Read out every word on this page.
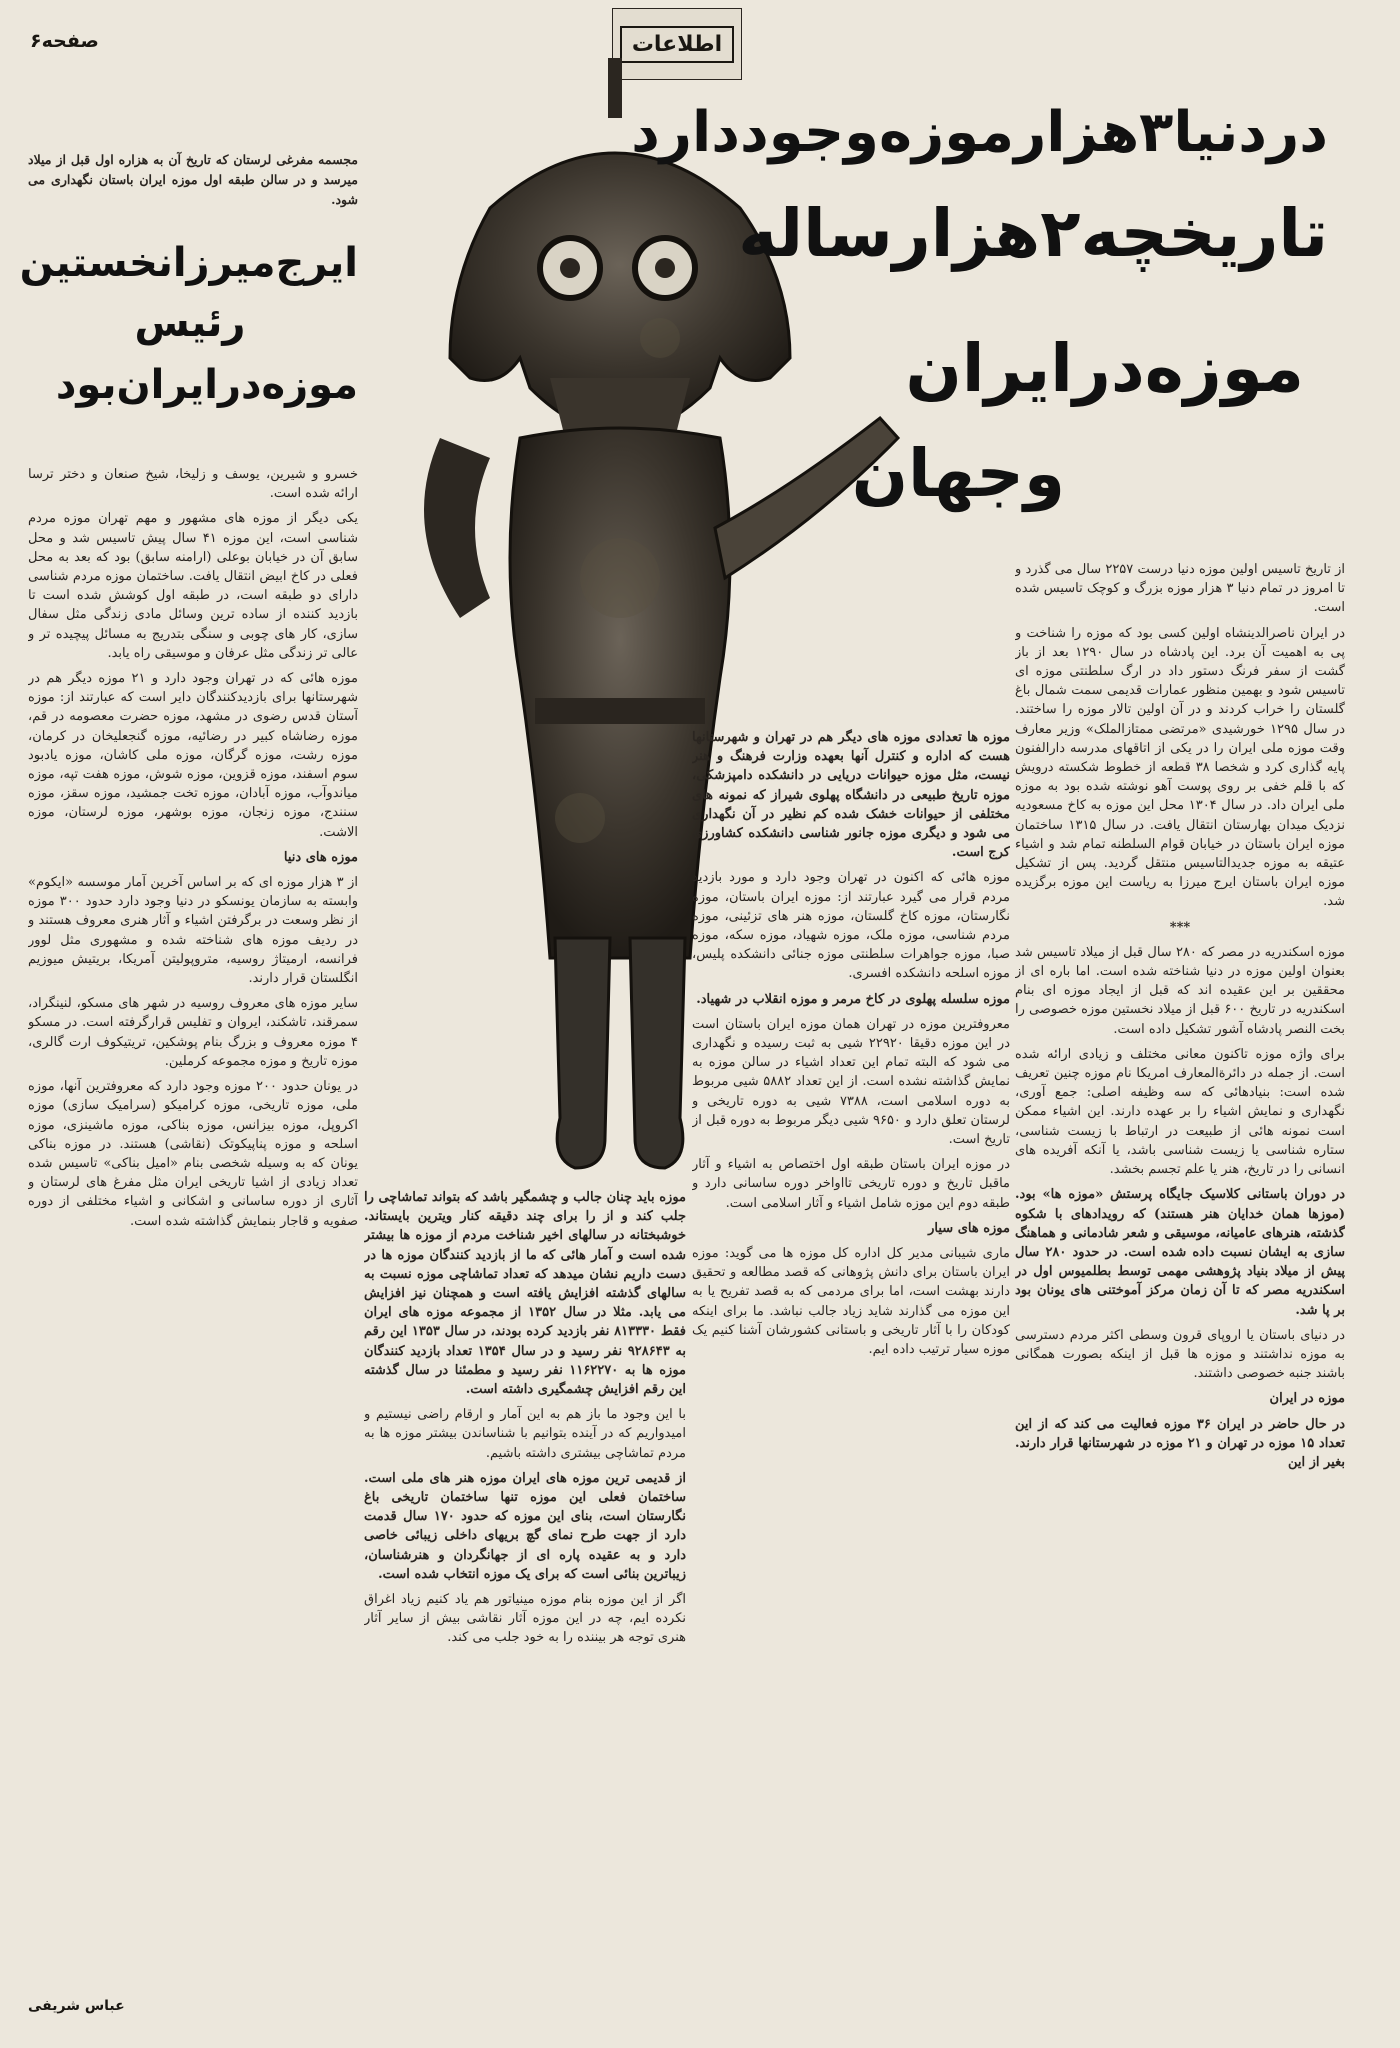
صفحه۶	اطلاعات
دردنیا۳هزارموزه‌وجوددارد
تاریخچه۲هزارساله
موزه‌درایران
وجهان
مجسمه مفرغی لرستان که تاریخ آن به هزاره اول قبل از میلاد میرسد و در سالن طبقه اول موزه ایران باستان نگهداری می شود.
ایرج‌میرزانخستین
رئیس
موزه‌درایران‌بود

از تاریخ تاسیس اولین موزه دنیا درست ۲۲۵۷ سال می گذرد و تا امروز در تمام دنیا ۳ هزار موزه بزرگ و کوچک تاسیس شده است.

در ایران ناصرالدینشاه اولین کسی بود که موزه را شناخت و پی به اهمیت آن برد. این پادشاه در سال ۱۲۹۰ بعد از باز گشت از سفر فرنگ دستور داد در ارگ سلطنتی موزه ای تاسیس شود و بهمین منظور عمارات قدیمی سمت شمال باغ گلستان را خراب کردند و در آن اولین تالار موزه را ساختند. در سال ۱۲۹۵ خورشیدی «مرتضی ممتازالملک» وزیر معارف وقت موزه ملی ایران را در یکی از اتاقهای مدرسه دارالفنون پایه گذاری کرد و شخصا ۳۸ قطعه از خطوط شکسته درویش که با قلم خفی بر روی پوست آهو نوشته شده بود به موزه ملی ایران داد. در سال ۱۳۰۴ محل این موزه به کاخ مسعودیه نزدیک میدان بهارستان انتقال یافت. در سال ۱۳۱۵ ساختمان موزه ایران باستان در خیابان قوام السلطنه تمام شد و اشیاء عتیقه به موزه جدیدالتاسیس منتقل گردید. پس از تشکیل موزه ایران باستان ایرج میرزا به ریاست این موزه برگزیده شد.

***

موزه اسکندریه در مصر که ۲۸۰ سال قبل از میلاد تاسیس شد بعنوان اولین موزه در دنیا شناخته شده است. اما باره ای از محققین بر این عقیده اند که قبل از ایجاد موزه ای بنام اسکندریه در تاریخ ۶۰۰ قبل از میلاد نخستین موزه خصوصی را بخت النصر پادشاه آشور تشکیل داده است.

برای واژه موزه تاکنون معانی مختلف و زیادی ارائه شده است. از جمله در دائرةالمعارف امریکا نام موزه چنین تعریف شده است: بنیادهائی که سه وظیفه اصلی: جمع آوری، نگهداری و نمایش اشیاء را بر عهده دارند. این اشیاء ممکن است نمونه هائی از طبیعت در ارتباط با زیست شناسی، ستاره شناسی یا زیست شناسی باشد، یا آنکه آفریده های انسانی را در تاریخ، هنر یا علم تجسم بخشد.

در دوران باستانی کلاسیک جایگاه پرستش «موزه ها» بود. (موزها همان خدایان هنر هستند) که رویدادهای با شکوه گذشته، هنرهای عامیانه، موسیقی و شعر شادمانی و هماهنگ سازی به ایشان نسبت داده شده است. در حدود ۲۸۰ سال پیش از میلاد بنیاد پژوهشی مهمی توسط بطلمیوس اول در اسکندریه مصر که تا آن زمان مرکز آموختنی های یونان بود بر پا شد.

در دنیای باستان یا اروپای قرون وسطی اکثر مردم دسترسی به موزه نداشتند و موزه ها قبل از اینکه بصورت همگانی باشند جنبه خصوصی داشتند.

موزه در ایران

در حال حاضر در ایران ۳۶ موزه فعالیت می کند که از این تعداد ۱۵ موزه در تهران و ۲۱ موزه در شهرستانها قرار دارند. بغیر از این

موزه ها تعدادی موزه های دیگر هم در تهران و شهرستانها هست که اداره و کنترل آنها بعهده وزارت فرهنگ و هنر نیست، مثل موزه حیوانات دریایی در دانشکده دامپزشکی، موزه تاریخ طبیعی در دانشگاه پهلوی شیراز که نمونه های مختلفی از حیوانات خشک شده کم نظیر در آن نگهداری می شود و دیگری موزه جانور شناسی دانشکده کشاورزی کرج است.

موزه هائی که اکنون در تهران وجود دارد و مورد بازدید مردم قرار می گیرد عبارتند از: موزه ایران باستان، موزه نگارستان، موزه کاخ گلستان، موزه هنر های تزئینی، موزه مردم شناسی، موزه ملک، موزه شهیاد، موزه سکه، موزه صبا، موزه جواهرات سلطنتی موزه جنائی دانشکده پلیس، موزه اسلحه دانشکده افسری.

موزه سلسله پهلوی در کاخ مرمر و موزه انقلاب در شهیاد.

معروفترین موزه در تهران همان موزه ایران باستان است در این موزه دقیقا ۲۲۹۲۰ شیی به ثبت رسیده و نگهداری می شود که البته تمام این تعداد اشیاء در سالن موزه به نمایش گذاشته نشده است. از این تعداد ۵۸۸۲ شیی مربوط به دوره اسلامی است، ۷۳۸۸ شیی به دوره تاریخی و لرستان تعلق دارد و ۹۶۵۰ شیی دیگر مربوط به دوره قبل از تاریخ است.

در موزه ایران باستان طبقه اول اختصاص به اشیاء و آثار ماقبل تاریخ و دوره تاریخی تااواخر دوره ساسانی دارد و طبقه دوم این موزه شامل اشیاء و آثار اسلامی است.

موزه های سیار

ماری شیبانی مدیر کل اداره کل موزه ها می گوید: موزه ایران باستان برای دانش پژوهانی که قصد مطالعه و تحقیق دارند بهشت است، اما برای مردمی که به قصد تفریح یا به این موزه می گذارند شاید زیاد جالب نباشد. ما برای اینکه کودکان را با آثار تاریخی و باستانی کشورشان آشنا کنیم یک موزه سیار ترتیب داده ایم.

خسرو و شیرین، یوسف و زلیخا، شیخ صنعان و دختر ترسا ارائه شده است.

یکی دیگر از موزه های مشهور و مهم تهران موزه مردم شناسی است، این موزه ۴۱ سال پیش تاسیس شد و محل سابق آن در خیابان بوعلی (ارامنه سابق) بود که بعد به محل فعلی در کاخ ابیض انتقال یافت. ساختمان موزه مردم شناسی دارای دو طبقه است، در طبقه اول کوشش شده است تا بازدید کننده از ساده ترین وسائل مادی زندگی مثل سفال سازی، کار های چوبی و سنگی بتدریج به مسائل پیچیده تر و عالی تر زندگی مثل عرفان و موسیقی راه یابد.

موزه هائی که در تهران وجود دارد و ۲۱ موزه دیگر هم در شهرستانها برای بازدیدکنندگان دایر است که عبارتند از: موزه آستان قدس رضوی در مشهد، موزه حضرت معصومه در قم، موزه رضاشاه کبیر در رضائیه، موزه گنجعلیخان در کرمان، موزه رشت، موزه گرگان، موزه ملی کاشان، موزه یادبود سوم اسفند، موزه قزوین، موزه شوش، موزه هفت تپه، موزه میاندوآب، موزه آبادان، موزه تخت جمشید، موزه سقز، موزه سنندج، موزه زنجان، موزه بوشهر، موزه لرستان، موزه الاشت.

موزه های دنیا

از ۳ هزار موزه ای که بر اساس آخرین آمار موسسه «ایکوم» وابسته به سازمان یونسکو در دنیا وجود دارد حدود ۳۰۰ موزه از نظر وسعت در برگرفتن اشیاء و آثار هنری معروف هستند و در ردیف موزه های شناخته شده و مشهوری مثل لوور فرانسه، ارمیتاژ روسیه، متروپولیتن آمریکا، بریتیش میوزیم انگلستان قرار دارند.

سایر موزه های معروف روسیه در شهر های مسکو، لنینگراد، سمرقند، تاشکند، ایروان و تفلیس قرارگرفته است. در مسکو ۴ موزه معروف و بزرگ بنام پوشکین، تریتیکوف ارت گالری، موزه تاریخ و موزه مجموعه کرملین.

در یونان حدود ۲۰۰ موزه وجود دارد که معروفترین آنها، موزه ملی، موزه تاریخی، موزه کرامیکو (سرامیک سازی) موزه اکروپل، موزه بیزانس، موزه بناکی، موزه ماشینزی، موزه اسلحه و موزه پناپیکوتک (نقاشی) هستند. در موزه بناکی یونان که به وسیله شخصی بنام «امیل بناکی» تاسیس شده تعداد زیادی از اشیا تاریخی ایران مثل مفرغ های لرستان و آثاری از دوره ساسانی و اشکانی و اشیاء مختلفی از دوره صفویه و قاجار بنمایش گذاشته شده است.

موزه باید چنان جالب و چشمگیر باشد که بتواند تماشاچی را جلب کند و از را برای چند دقیقه کنار ویترین بایستاند. خوشبختانه در سالهای اخیر شناخت مردم از موزه ها بیشتر شده است و آمار هائی که ما از بازدید کنندگان موزه ها در دست داریم نشان میدهد که تعداد تماشاچی موزه نسبت به سالهای گذشته افزایش یافته است و همچنان نیز افزایش می یابد. مثلا در سال ۱۳۵۲ از مجموعه موزه های ایران فقط ۸۱۳۳۳۰ نفر بازدید کرده بودند، در سال ۱۳۵۳ این رقم به ۹۲۸۶۴۳ نفر رسید و در سال ۱۳۵۴ تعداد بازدید کنندگان موزه ها به ۱۱۶۲۲۷۰ نفر رسید و مطمئنا در سال گذشته این رقم افزایش چشمگیری داشته است.

با این وجود ما باز هم به این آمار و ارقام راضی نیستیم و امیدواریم که در آینده بتوانیم با شناساندن بیشتر موزه ها به مردم تماشاچی بیشتری داشته باشیم.

از قدیمی ترین موزه های ایران موزه هنر های ملی است. ساختمان فعلی این موزه تنها ساختمان تاریخی باغ نگارستان است، بنای این موزه که حدود ۱۷۰ سال قدمت دارد از جهت طرح نمای گچ بریهای داخلی زیبائی خاصی دارد و به عقیده پاره ای از جهانگردان و هنرشناسان، زیباترین بنائی است که برای یک موزه انتخاب شده است.

اگر از این موزه بنام موزه مینیاتور هم یاد کنیم زیاد اغراق نکرده ایم، چه در این موزه آثار نقاشی بیش از سایر آثار هنری توجه هر بیننده را به خود جلب می کند.

عباس شریفی
